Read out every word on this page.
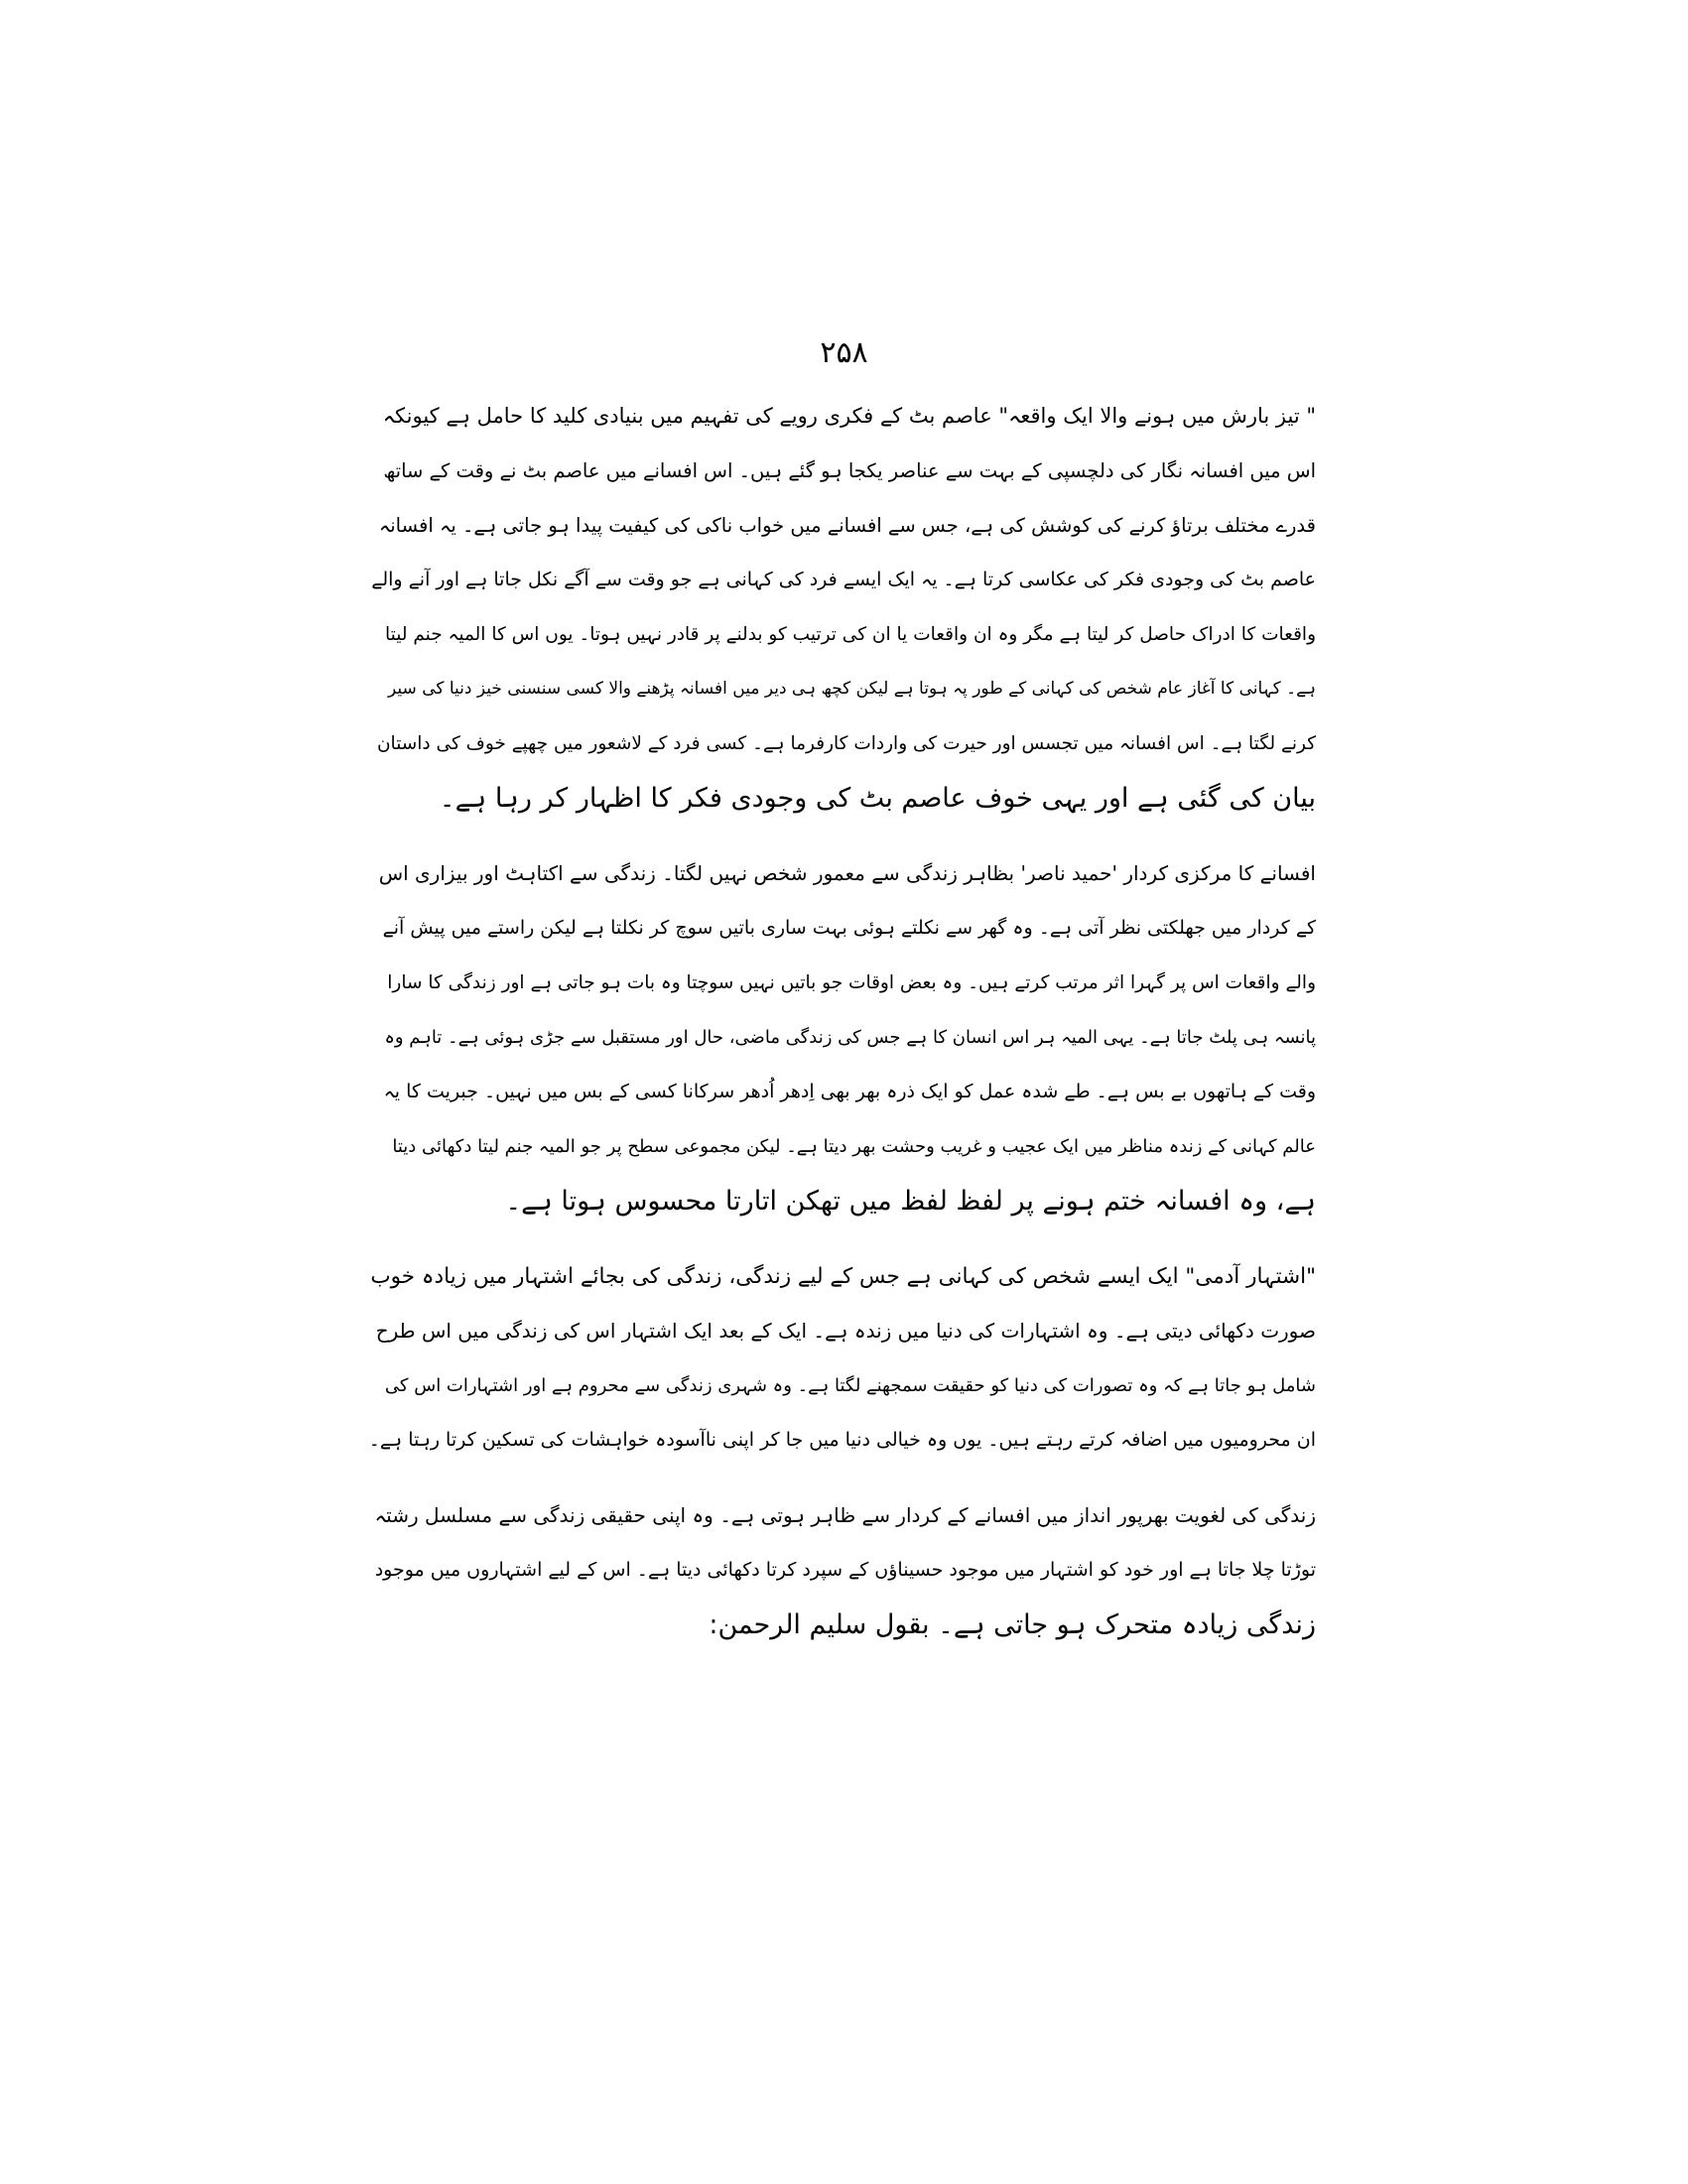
۲۵۸

" تیز بارش میں ہونے والا ایک واقعہ" عاصم بٹ کے فکری رویے کی تفہیم میں بنیادی کلید کا حامل ہے کیونکہ
اس میں افسانہ نگار کی دلچسپی کے بہت سے عناصر یکجا ہو گئے ہیں۔ اس افسانے میں عاصم بٹ نے وقت کے ساتھ
قدرے مختلف برتاؤ کرنے کی کوشش کی ہے، جس سے افسانے میں خواب ناکی کی کیفیت پیدا ہو جاتی ہے۔ یہ افسانہ
عاصم بٹ کی وجودی فکر کی عکاسی کرتا ہے۔ یہ ایک ایسے فرد کی کہانی ہے جو وقت سے آگے نکل جاتا ہے اور آنے والے
واقعات کا ادراک حاصل کر لیتا ہے مگر وہ ان واقعات یا ان کی ترتیب کو بدلنے پر قادر نہیں ہوتا۔ یوں اس کا المیہ جنم لیتا
ہے۔ کہانی کا آغاز عام شخص کی کہانی کے طور پہ ہوتا ہے لیکن کچھ ہی دیر میں افسانہ پڑھنے والا کسی سنسنی خیز دنیا کی سیر
کرنے لگتا ہے۔ اس افسانہ میں تجسس اور حیرت کی واردات کارفرما ہے۔ کسی فرد کے لاشعور میں چھپے خوف کی داستان
بیان کی گئی ہے اور یہی خوف عاصم بٹ کی وجودی فکر کا اظہار کر رہا ہے۔

افسانے کا مرکزی کردار 'حمید ناصر' بظاہر زندگی سے معمور شخص نہیں لگتا۔ زندگی سے اکتاہٹ اور بیزاری اس
کے کردار میں جھلکتی نظر آتی ہے۔ وہ گھر سے نکلتے ہوئی بہت ساری باتیں سوچ کر نکلتا ہے لیکن راستے میں پیش آنے
والے واقعات اس پر گہرا اثر مرتب کرتے ہیں۔ وہ بعض اوقات جو باتیں نہیں سوچتا وہ بات ہو جاتی ہے اور زندگی کا سارا
پانسہ ہی پلٹ جاتا ہے۔ یہی المیہ ہر اس انسان کا ہے جس کی زندگی ماضی، حال اور مستقبل سے جڑی ہوئی ہے۔ تاہم وہ
وقت کے ہاتھوں بے بس ہے۔ طے شدہ عمل کو ایک ذرہ بھر بھی اِدھر اُدھر سرکانا کسی کے بس میں نہیں۔ جبریت کا یہ
عالم کہانی کے زندہ مناظر میں ایک عجیب و غریب وحشت بھر دیتا ہے۔ لیکن مجموعی سطح پر جو المیہ جنم لیتا دکھائی دیتا
ہے، وہ افسانہ ختم ہونے پر لفظ لفظ میں تھکن اتارتا محسوس ہوتا ہے۔

"اشتہار آدمی" ایک ایسے شخص کی کہانی ہے جس کے لیے زندگی، زندگی کی بجائے اشتہار میں زیادہ خوب
صورت دکھائی دیتی ہے۔ وہ اشتہارات کی دنیا میں زندہ ہے۔ ایک کے بعد ایک اشتہار اس کی زندگی میں اس طرح
شامل ہو جاتا ہے کہ وہ تصورات کی دنیا کو حقیقت سمجھنے لگتا ہے۔ وہ شہری زندگی سے محروم ہے اور اشتہارات اس کی
ان محرومیوں میں اضافہ کرتے رہتے ہیں۔ یوں وہ خیالی دنیا میں جا کر اپنی ناآسودہ خواہشات کی تسکین کرتا رہتا ہے۔

زندگی کی لغویت بھرپور انداز میں افسانے کے کردار سے ظاہر ہوتی ہے۔ وہ اپنی حقیقی زندگی سے مسلسل رشتہ
توڑتا چلا جاتا ہے اور خود کو اشتہار میں موجود حسیناؤں کے سپرد کرتا دکھائی دیتا ہے۔ اس کے لیے اشتہاروں میں موجود
زندگی زیادہ متحرک ہو جاتی ہے۔ بقول سلیم الرحمن:
